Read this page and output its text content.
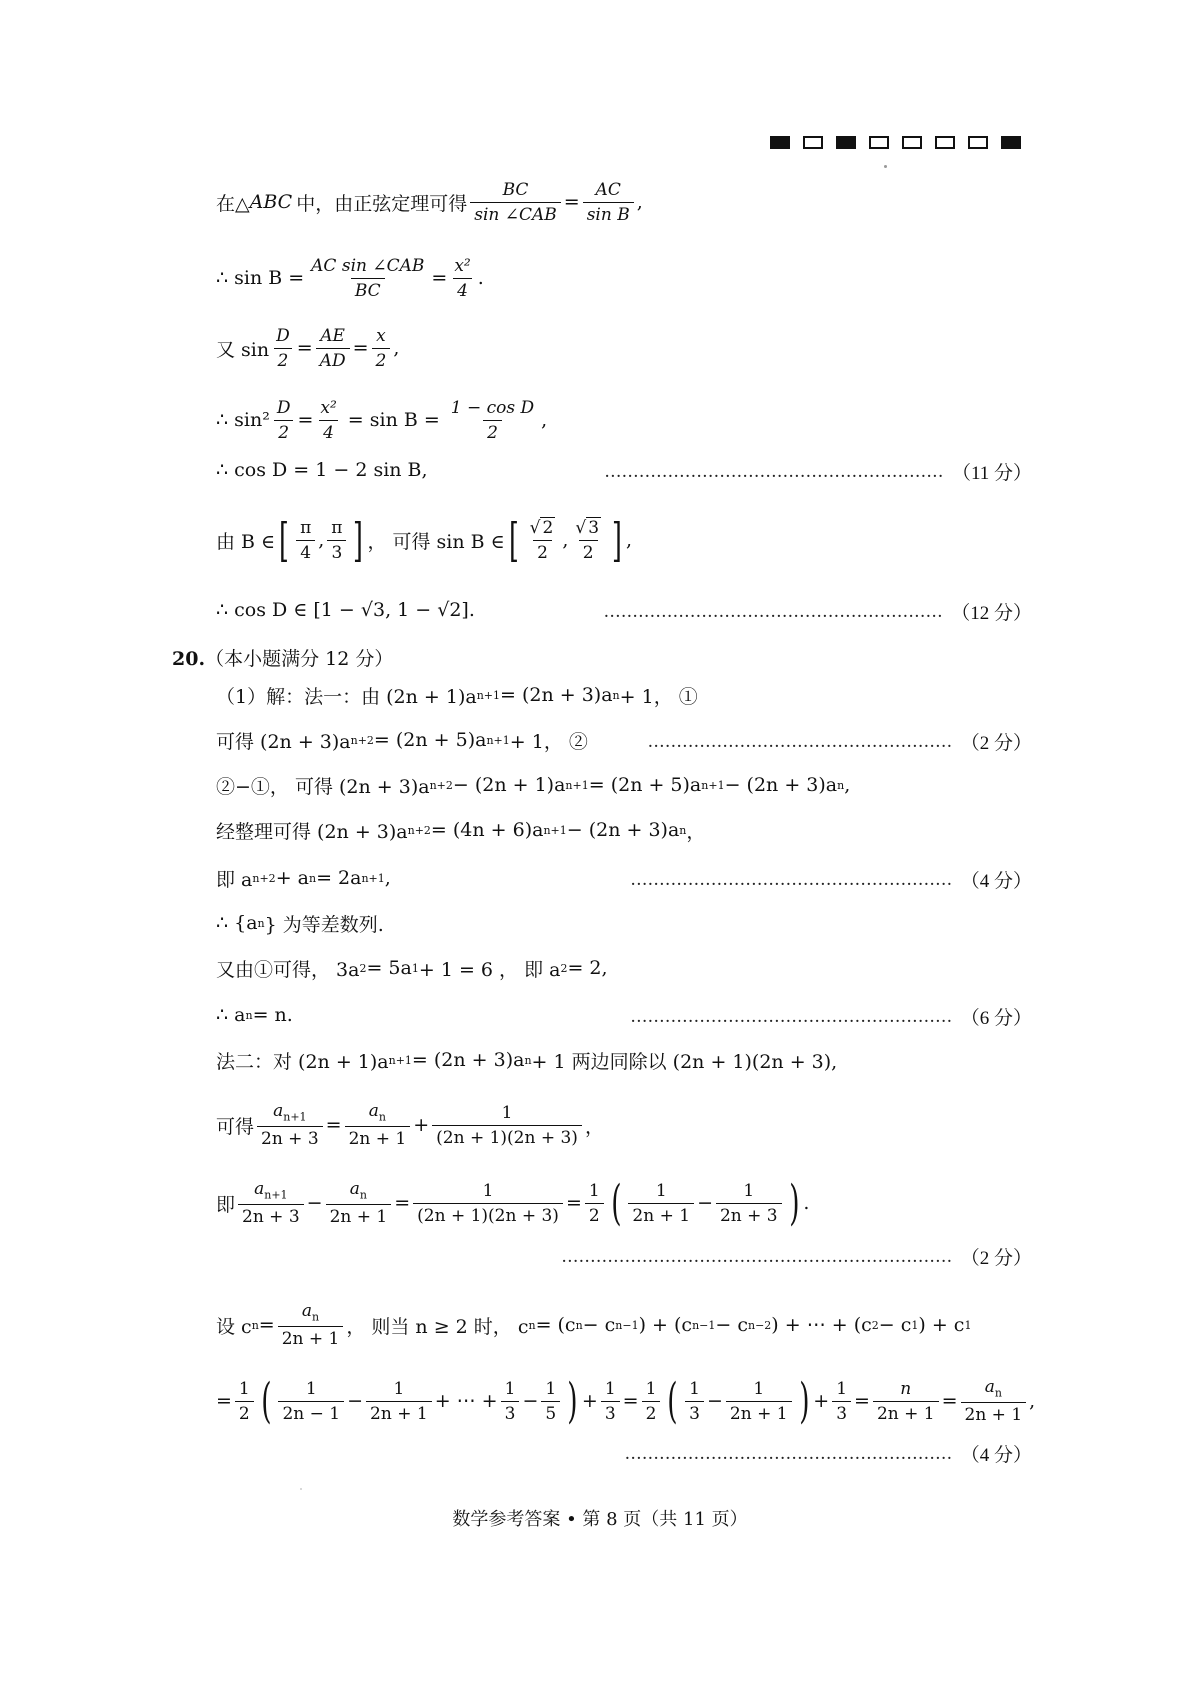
在△ ABC 中，由正弦定理可得 $\frac{BC}{\text{sin ∠CAB}} = \frac{AC}{\text{sin B}}$ ,
∴ $\sin B = \frac{\text{AC sin ∠CAB}}{BC} = \frac{\text{x²}}{4}$ .
又 $\sin \frac{D}{2} = \frac{AE}{AD} = \frac{x}{2}$ ,
∴ $\sin^2 \frac{D}{2} = \frac{\text{x²}}{4} = \sin B = \frac{\text{1 − cos D}}{2}$ ,
∴ cos D = 1 − 2 sin B,	........................................................... （11 分）
由 B ∈ [ $\frac{\pi}{4}$ , $\frac{\pi}{3}$ ] ， 可得 sin B ∈ [ $\frac{√ 2}{2}$ , $\frac{√ 3}{2}$ ] ,
∴ cos D ∈ [1 − √3, 1 − √2].	........................................................... （12 分）
20.（本小题满分 12 分）
（1）解：法一：由 (2n + 1)a n+1 = (2n + 3)a n + 1， ①
可得 (2n + 3)a n+2 = (2n + 5)a n+1 + 1， ②	..................................................... （2 分）
②−①， 可得 (2n + 3)a n+2 − (2n + 1)a n+1 = (2n + 5)a n+1 − (2n + 3)a n ,
经整理可得 (2n + 3)a n+2 = (4n + 6)a n+1 − (2n + 3)a n ，
即 a n+2 + a n = 2a n+1 ,	........................................................ （4 分）
∴ {a n } 为等差数列.
又由①可得， 3a 2 = 5a 1 + 1 = 6 ， 即 a 2 = 2,
∴ a n = n.	........................................................ （6 分）
法二：对 (2n + 1)a n+1 = (2n + 3)a n + 1 两边同除以 (2n + 1)(2n + 3),
可得 $\frac{a_{n+1}}{2n + 3} = \frac{a_n}{2n + 1} + \frac{1}{(2n + 1)(2n + 3)}$ ，
即 $\frac{a_{n+1}}{2n + 3} - \frac{a_n}{2n + 1} = \frac{1}{(2n + 1)(2n + 3)} = \frac{1}{2}$ ( $\frac{1}{2n + 1} - \frac{1}{2n + 3}$ ) .
.................................................................... （2 分）
设 c $n = \frac{a_n}{2n + 1}$ ， 则当 n ≥ 2 时， c n = (c n − c n−1 ) + (c n−1 − c n−2 ) + ⋯ + (c 2 − c 1 ) + c 1
= $\frac{1}{2}$ ( $\frac{1}{2n - 1} - \frac{1}{2n + 1}$ + ⋯ + $\frac{1}{3} - \frac{1}{5}$ ) + $\frac{1}{3} = \frac{1}{2}$ ( $\frac{1}{3} - \frac{1}{2n + 1}$ ) + $\frac{1}{3} = \frac{n}{2n + 1} = \frac{a_n}{2n + 1}$ ,
......................................................... （4 分）
数学参考答案 • 第 8 页（共 11 页）
